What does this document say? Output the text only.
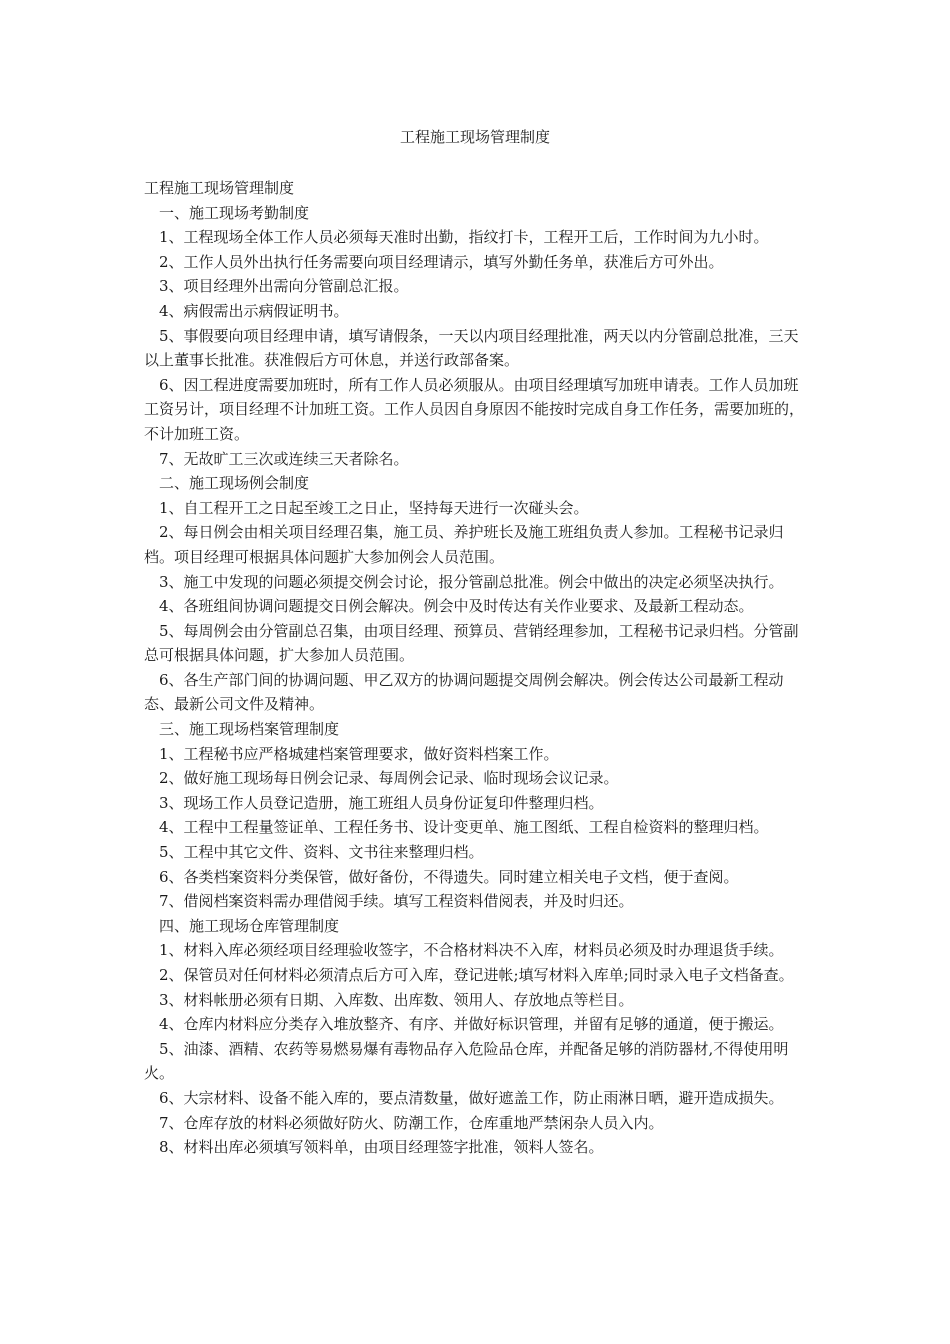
工程施工现场管理制度
工程施工现场管理制度
一、施工现场考勤制度
1、工程现场全体工作人员必须每天准时出勤，指纹打卡，工程开工后，工作时间为九小时。
2、工作人员外出执行任务需要向项目经理请示，填写外勤任务单，获准后方可外出。
3、项目经理外出需向分管副总汇报。
4、病假需出示病假证明书。
5、事假要向项目经理申请，填写请假条，一天以内项目经理批准，两天以内分管副总批准，三天以上董事长批准。获准假后方可休息，并送行政部备案。
6、因工程进度需要加班时，所有工作人员必须服从。由项目经理填写加班申请表。工作人员加班工资另计，项目经理不计加班工资。工作人员因自身原因不能按时完成自身工作任务，需要加班的，不计加班工资。
7、无故旷工三次或连续三天者除名。
二、施工现场例会制度
1、自工程开工之日起至竣工之日止，坚持每天进行一次碰头会。
2、每日例会由相关项目经理召集，施工员、养护班长及施工班组负责人参加。工程秘书记录归档。项目经理可根据具体问题扩大参加例会人员范围。
3、施工中发现的问题必须提交例会讨论，报分管副总批准。例会中做出的决定必须坚决执行。
4、各班组间协调问题提交日例会解决。例会中及时传达有关作业要求、及最新工程动态。
5、每周例会由分管副总召集，由项目经理、预算员、营销经理参加，工程秘书记录归档。分管副总可根据具体问题，扩大参加人员范围。
6、各生产部门间的协调问题、甲乙双方的协调问题提交周例会解决。例会传达公司最新工程动态、最新公司文件及精神。
三、施工现场档案管理制度
1、工程秘书应严格城建档案管理要求，做好资料档案工作。
2、做好施工现场每日例会记录、每周例会记录、临时现场会议记录。
3、现场工作人员登记造册，施工班组人员身份证复印件整理归档。
4、工程中工程量签证单、工程任务书、设计变更单、施工图纸、工程自检资料的整理归档。
5、工程中其它文件、资料、文书往来整理归档。
6、各类档案资料分类保管，做好备份，不得遗失。同时建立相关电子文档，便于查阅。
7、借阅档案资料需办理借阅手续。填写工程资料借阅表，并及时归还。
四、施工现场仓库管理制度
1、材料入库必须经项目经理验收签字，不合格材料决不入库，材料员必须及时办理退货手续。
2、保管员对任何材料必须清点后方可入库，登记进帐;填写材料入库单;同时录入电子文档备查。
3、材料帐册必须有日期、入库数、出库数、领用人、存放地点等栏目。
4、仓库内材料应分类存入堆放整齐、有序、并做好标识管理，并留有足够的通道，便于搬运。
5、油漆、酒精、农药等易燃易爆有毒物品存入危险品仓库，并配备足够的消防器材,不得使用明火。
6、大宗材料、设备不能入库的，要点清数量，做好遮盖工作，防止雨淋日晒，避开造成损失。
7、仓库存放的材料必须做好防火、防潮工作，仓库重地严禁闲杂人员入内。
8、材料出库必须填写领料单，由项目经理签字批准，领料人签名。
